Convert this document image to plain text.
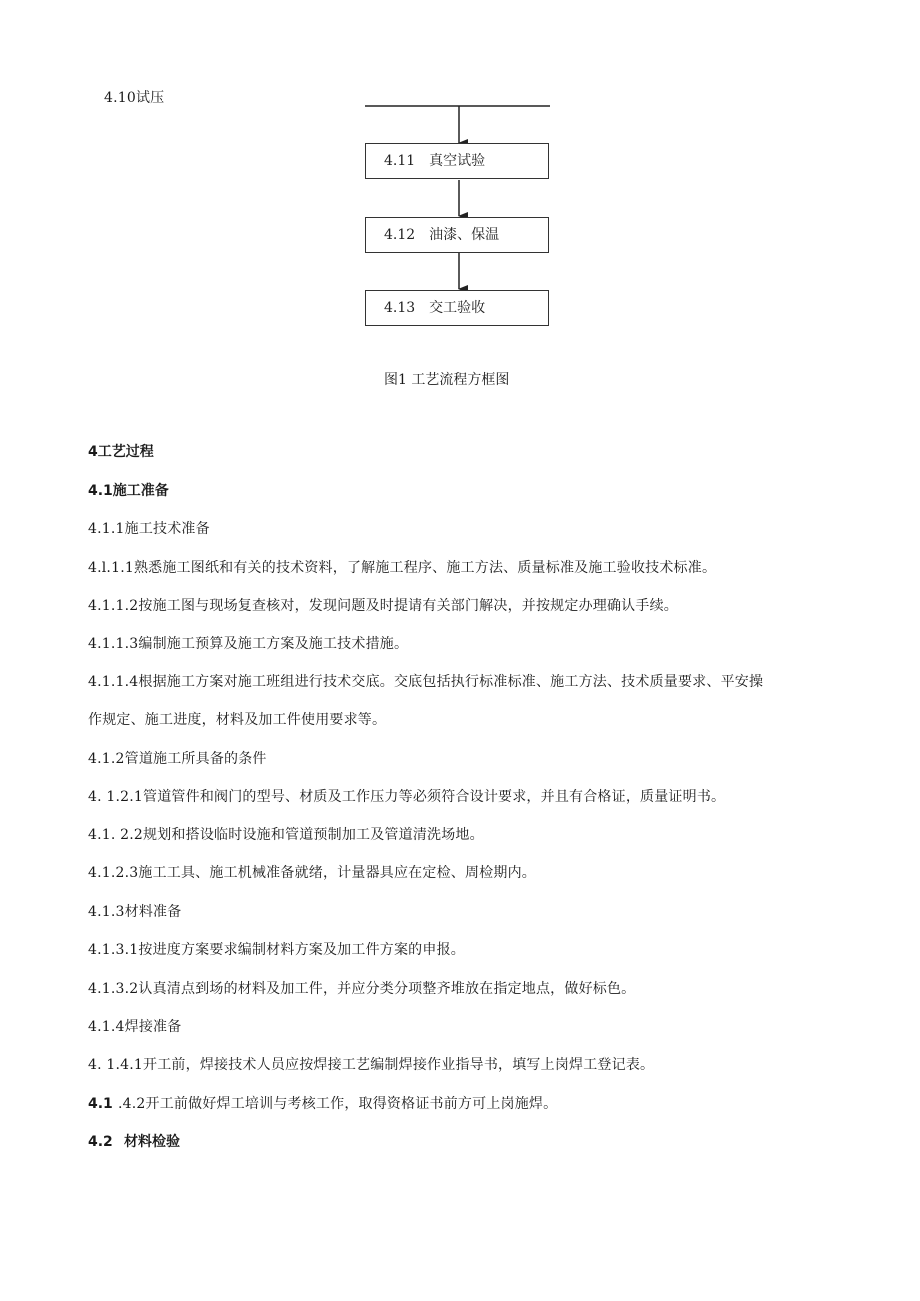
4.10试压
4.11 真空试验
4.12 油漆、保温
4.13 交工验收
图1 工艺流程方框图
4工艺过程
4.1施工准备
4.1.1施工技术准备
4.l.1.1熟悉施工图纸和有关的技术资料，了解施工程序、施工方法、质量标准及施工验收技术标准。
4.1.1.2按施工图与现场复查核对，发现问题及时提请有关部门解决，并按规定办理确认手续。
4.1.1.3编制施工预算及施工方案及施工技术措施。
4.1.1.4根据施工方案对施工班组进行技术交底。交底包括执行标准标准、施工方法、技术质量要求、平安操
作规定、施工进度，材料及加工件使用要求等。
4.1.2管道施工所具备的条件
4. 1.2.1管道管件和阀门的型号、材质及工作压力等必须符合设计要求，并且有合格证，质量证明书。
4.1. 2.2规划和搭设临时设施和管道预制加工及管道清洗场地。
4.1.2.3施工工具、施工机械准备就绪，计量器具应在定检、周检期内。
4.1.3材料准备
4.1.3.1按进度方案要求编制材料方案及加工件方案的申报。
4.1.3.2认真清点到场的材料及加工件，并应分类分项整齐堆放在指定地点，做好标色。
4.1.4焊接准备
4. 1.4.1开工前，焊接技术人员应按焊接工艺编制焊接作业指导书，填写上岗焊工登记表。
4.1 .4.2开工前做好焊工培训与考核工作，取得资格证书前方可上岗施焊。
4.2 材料检验
